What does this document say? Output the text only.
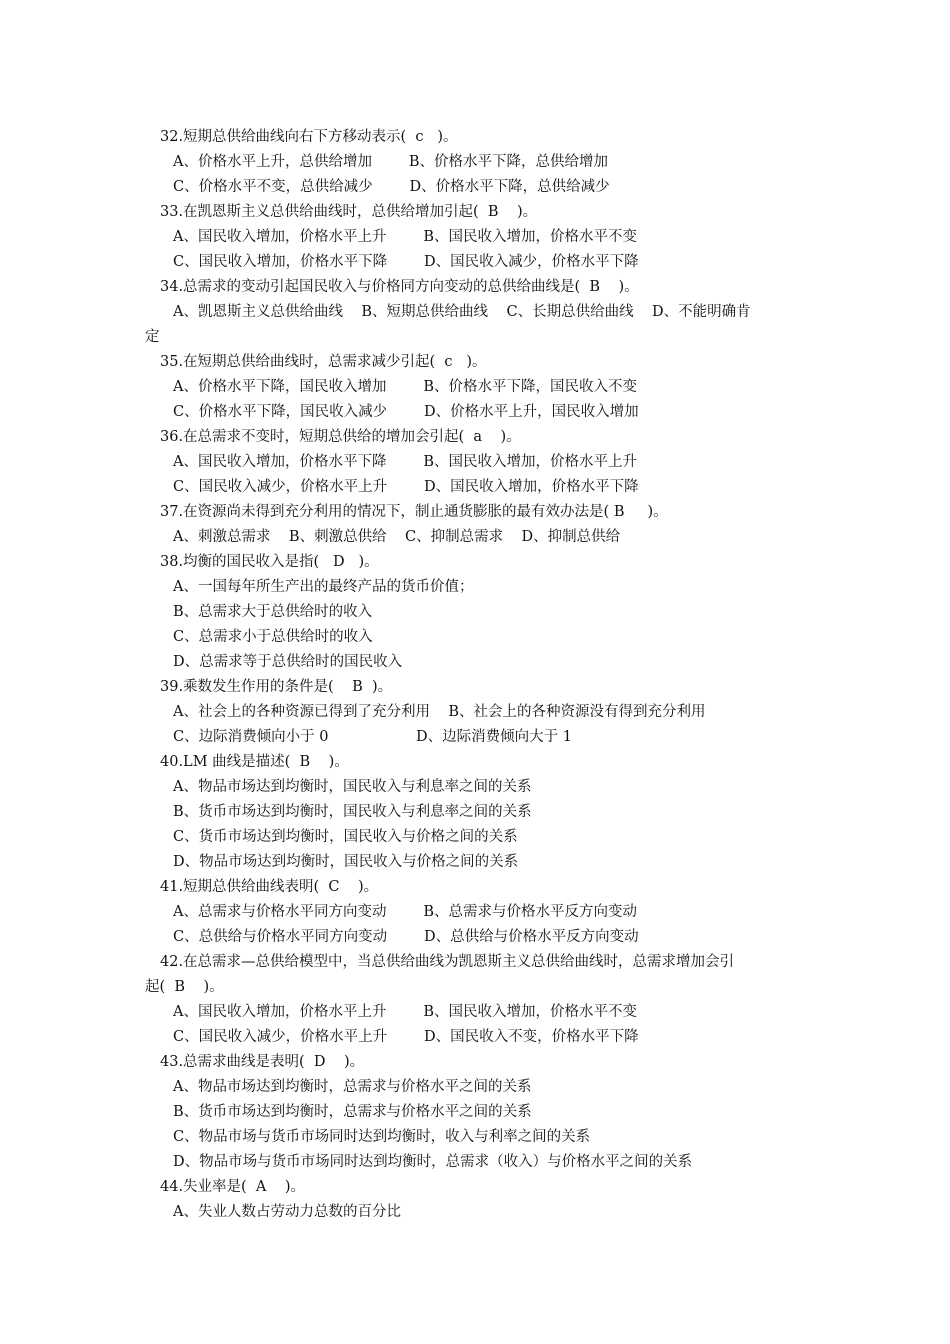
32.短期总供给曲线向右下方移动表示(  c   )。
A、价格水平上升，总供给增加        B、价格水平下降，总供给增加
C、价格水平不变，总供给减少        D、价格水平下降，总供给减少
33.在凯恩斯主义总供给曲线时，总供给增加引起(  B    )。
A、国民收入增加，价格水平上升        B、国民收入增加，价格水平不变
C、国民收入增加，价格水平下降        D、国民收入减少，价格水平下降
34.总需求的变动引起国民收入与价格同方向变动的总供给曲线是(  B    )。
A、凯恩斯主义总供给曲线    B、短期总供给曲线    C、长期总供给曲线    D、不能明确肯
定
35.在短期总供给曲线时，总需求减少引起(  c   )。
A、价格水平下降，国民收入增加        B、价格水平下降，国民收入不变
C、价格水平下降，国民收入减少        D、价格水平上升，国民收入增加
36.在总需求不变时，短期总供给的增加会引起(  a    )。
A、国民收入增加，价格水平下降        B、国民收入增加，价格水平上升
C、国民收入减少，价格水平上升        D、国民收入增加，价格水平下降
37.在资源尚未得到充分利用的情况下，制止通货膨胀的最有效办法是( B     )。
A、刺激总需求    B、刺激总供给    C、抑制总需求    D、抑制总供给
38.均衡的国民收入是指(   D   )。
A、一国每年所生产出的最终产品的货币价值；
B、总需求大于总供给时的收入
C、总需求小于总供给时的收入
D、总需求等于总供给时的国民收入
39.乘数发生作用的条件是(    B  )。
A、社会上的各种资源已得到了充分利用    B、社会上的各种资源没有得到充分利用
C、边际消费倾向小于 0                   D、边际消费倾向大于 1
40.LM 曲线是描述(  B    )。
A、物品市场达到均衡时，国民收入与利息率之间的关系
B、货币市场达到均衡时，国民收入与利息率之间的关系
C、货币市场达到均衡时，国民收入与价格之间的关系
D、物品市场达到均衡时，国民收入与价格之间的关系
41.短期总供给曲线表明(  C    )。
A、总需求与价格水平同方向变动        B、总需求与价格水平反方向变动
C、总供给与价格水平同方向变动        D、总供给与价格水平反方向变动
42.在总需求—总供给模型中，当总供给曲线为凯恩斯主义总供给曲线时，总需求增加会引
起(  B    )。
A、国民收入增加，价格水平上升        B、国民收入增加，价格水平不变
C、国民收入减少，价格水平上升        D、国民收入不变，价格水平下降
43.总需求曲线是表明(  D    )。
A、物品市场达到均衡时，总需求与价格水平之间的关系
B、货币市场达到均衡时，总需求与价格水平之间的关系
C、物品市场与货币市场同时达到均衡时，收入与利率之间的关系
D、物品市场与货币市场同时达到均衡时，总需求（收入）与价格水平之间的关系
44.失业率是(  A    )。
A、失业人数占劳动力总数的百分比
